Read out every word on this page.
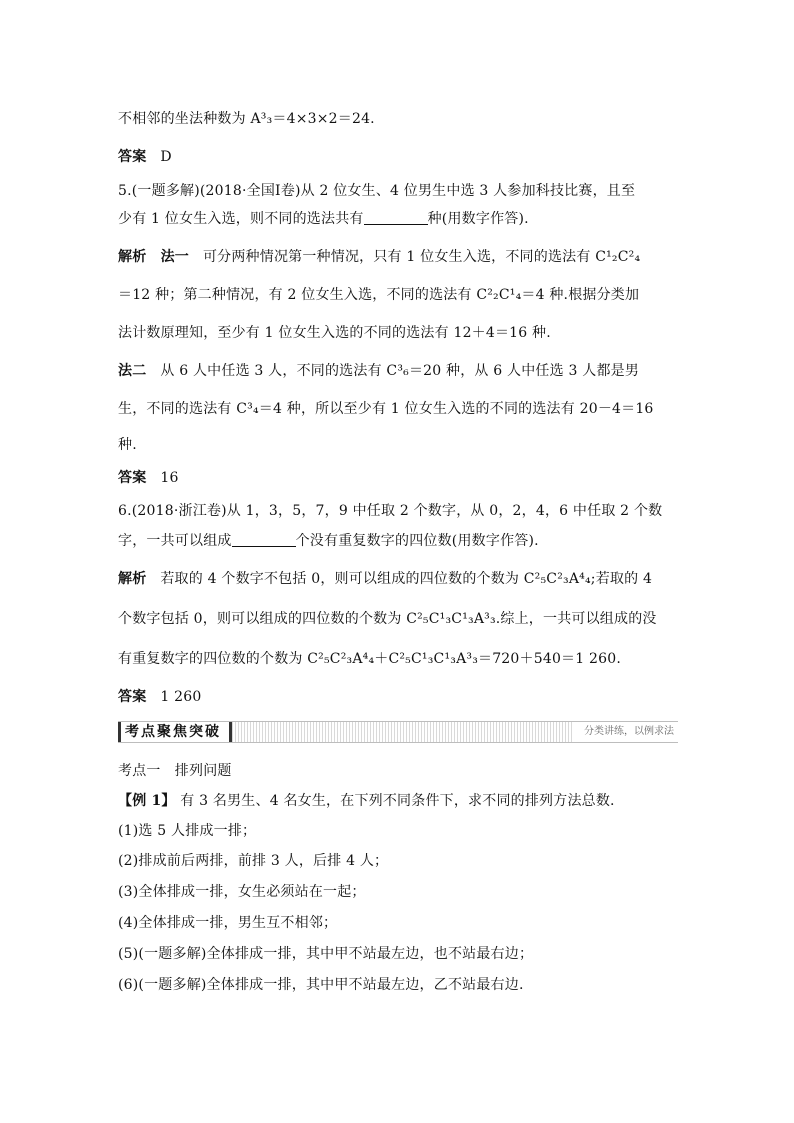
不相邻的坐法种数为 A³₃＝4×3×2＝24.
答案 D
5.(一题多解)(2018·全国Ⅰ卷)从 2 位女生、4 位男生中选 3 人参加科技比赛，且至
少有 1 位女生入选，则不同的选法共有	种(用数字作答).
解析　法一 可分两种情况第一种情况，只有 1 位女生入选，不同的选法有 C¹₂C²₄
＝12 种；第二种情况，有 2 位女生入选，不同的选法有 C²₂C¹₄＝4 种.根据分类加
法计数原理知，至少有 1 位女生入选的不同的选法有 12＋4＝16 种.
法二 从 6 人中任选 3 人，不同的选法有 C³₆＝20 种，从 6 人中任选 3 人都是男
生，不同的选法有 C³₄＝4 种，所以至少有 1 位女生入选的不同的选法有 20－4＝16
种.
答案 16
6.(2018·浙江卷)从 1，3，5，7，9 中任取 2 个数字，从 0，2，4，6 中任取 2 个数
字，一共可以组成	个没有重复数字的四位数(用数字作答).
解析 若取的 4 个数字不包括 0，则可以组成的四位数的个数为 C²₅C²₃A⁴₄;若取的 4
个数字包括 0，则可以组成的四位数的个数为 C²₅C¹₃C¹₃A³₃.综上，一共可以组成的没
有重复数字的四位数的个数为 C²₅C²₃A⁴₄＋C²₅C¹₃C¹₃A³₃＝720＋540＝1 260.
答案 1 260
考点聚焦突破	分类讲练，以例求法
考点一　排列问题
【例 1】 有 3 名男生、4 名女生，在下列不同条件下，求不同的排列方法总数.
(1)选 5 人排成一排；
(2)排成前后两排，前排 3 人，后排 4 人；
(3)全体排成一排，女生必须站在一起；
(4)全体排成一排，男生互不相邻；
(5)(一题多解)全体排成一排，其中甲不站最左边，也不站最右边；
(6)(一题多解)全体排成一排，其中甲不站最左边，乙不站最右边.
